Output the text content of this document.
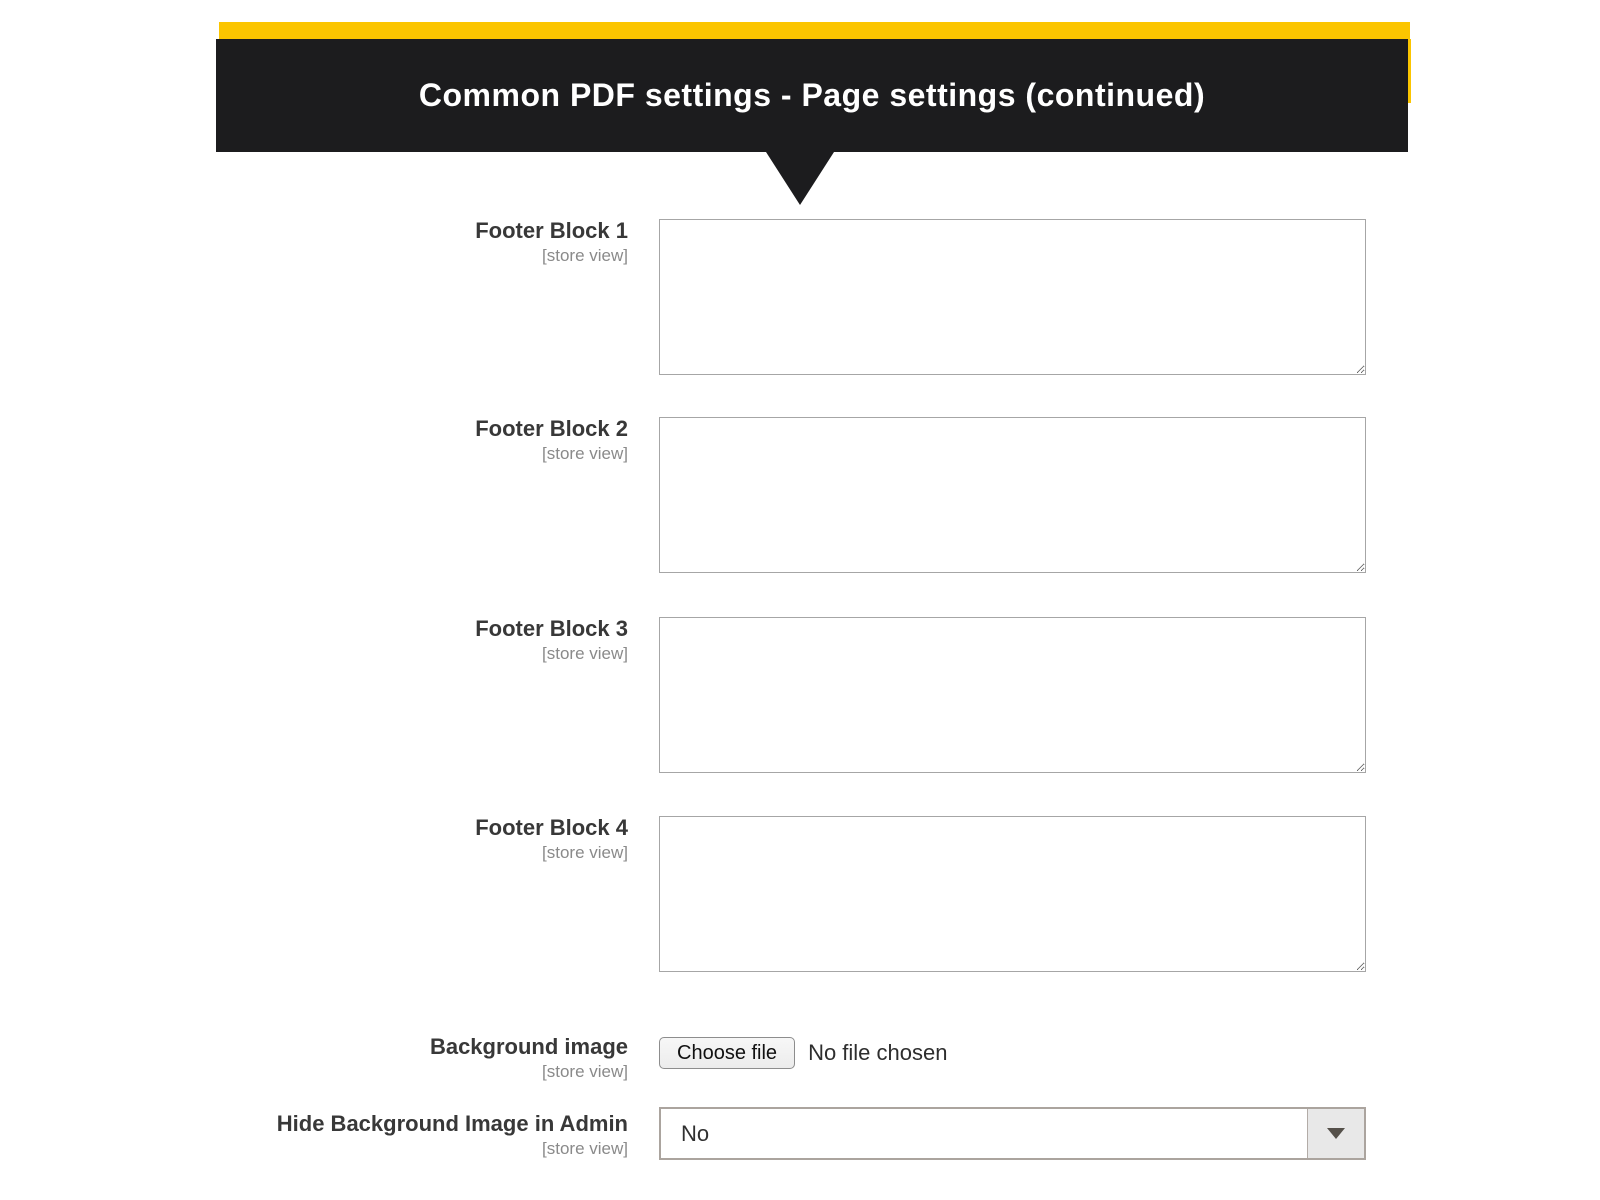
Common PDF settings - Page settings (continued)
Footer Block 1
[store view]
Footer Block 2
[store view]
Footer Block 3
[store view]
Footer Block 4
[store view]
Background image
[store view]
Choose file	No file chosen
Hide Background Image in Admin
[store view]
No
